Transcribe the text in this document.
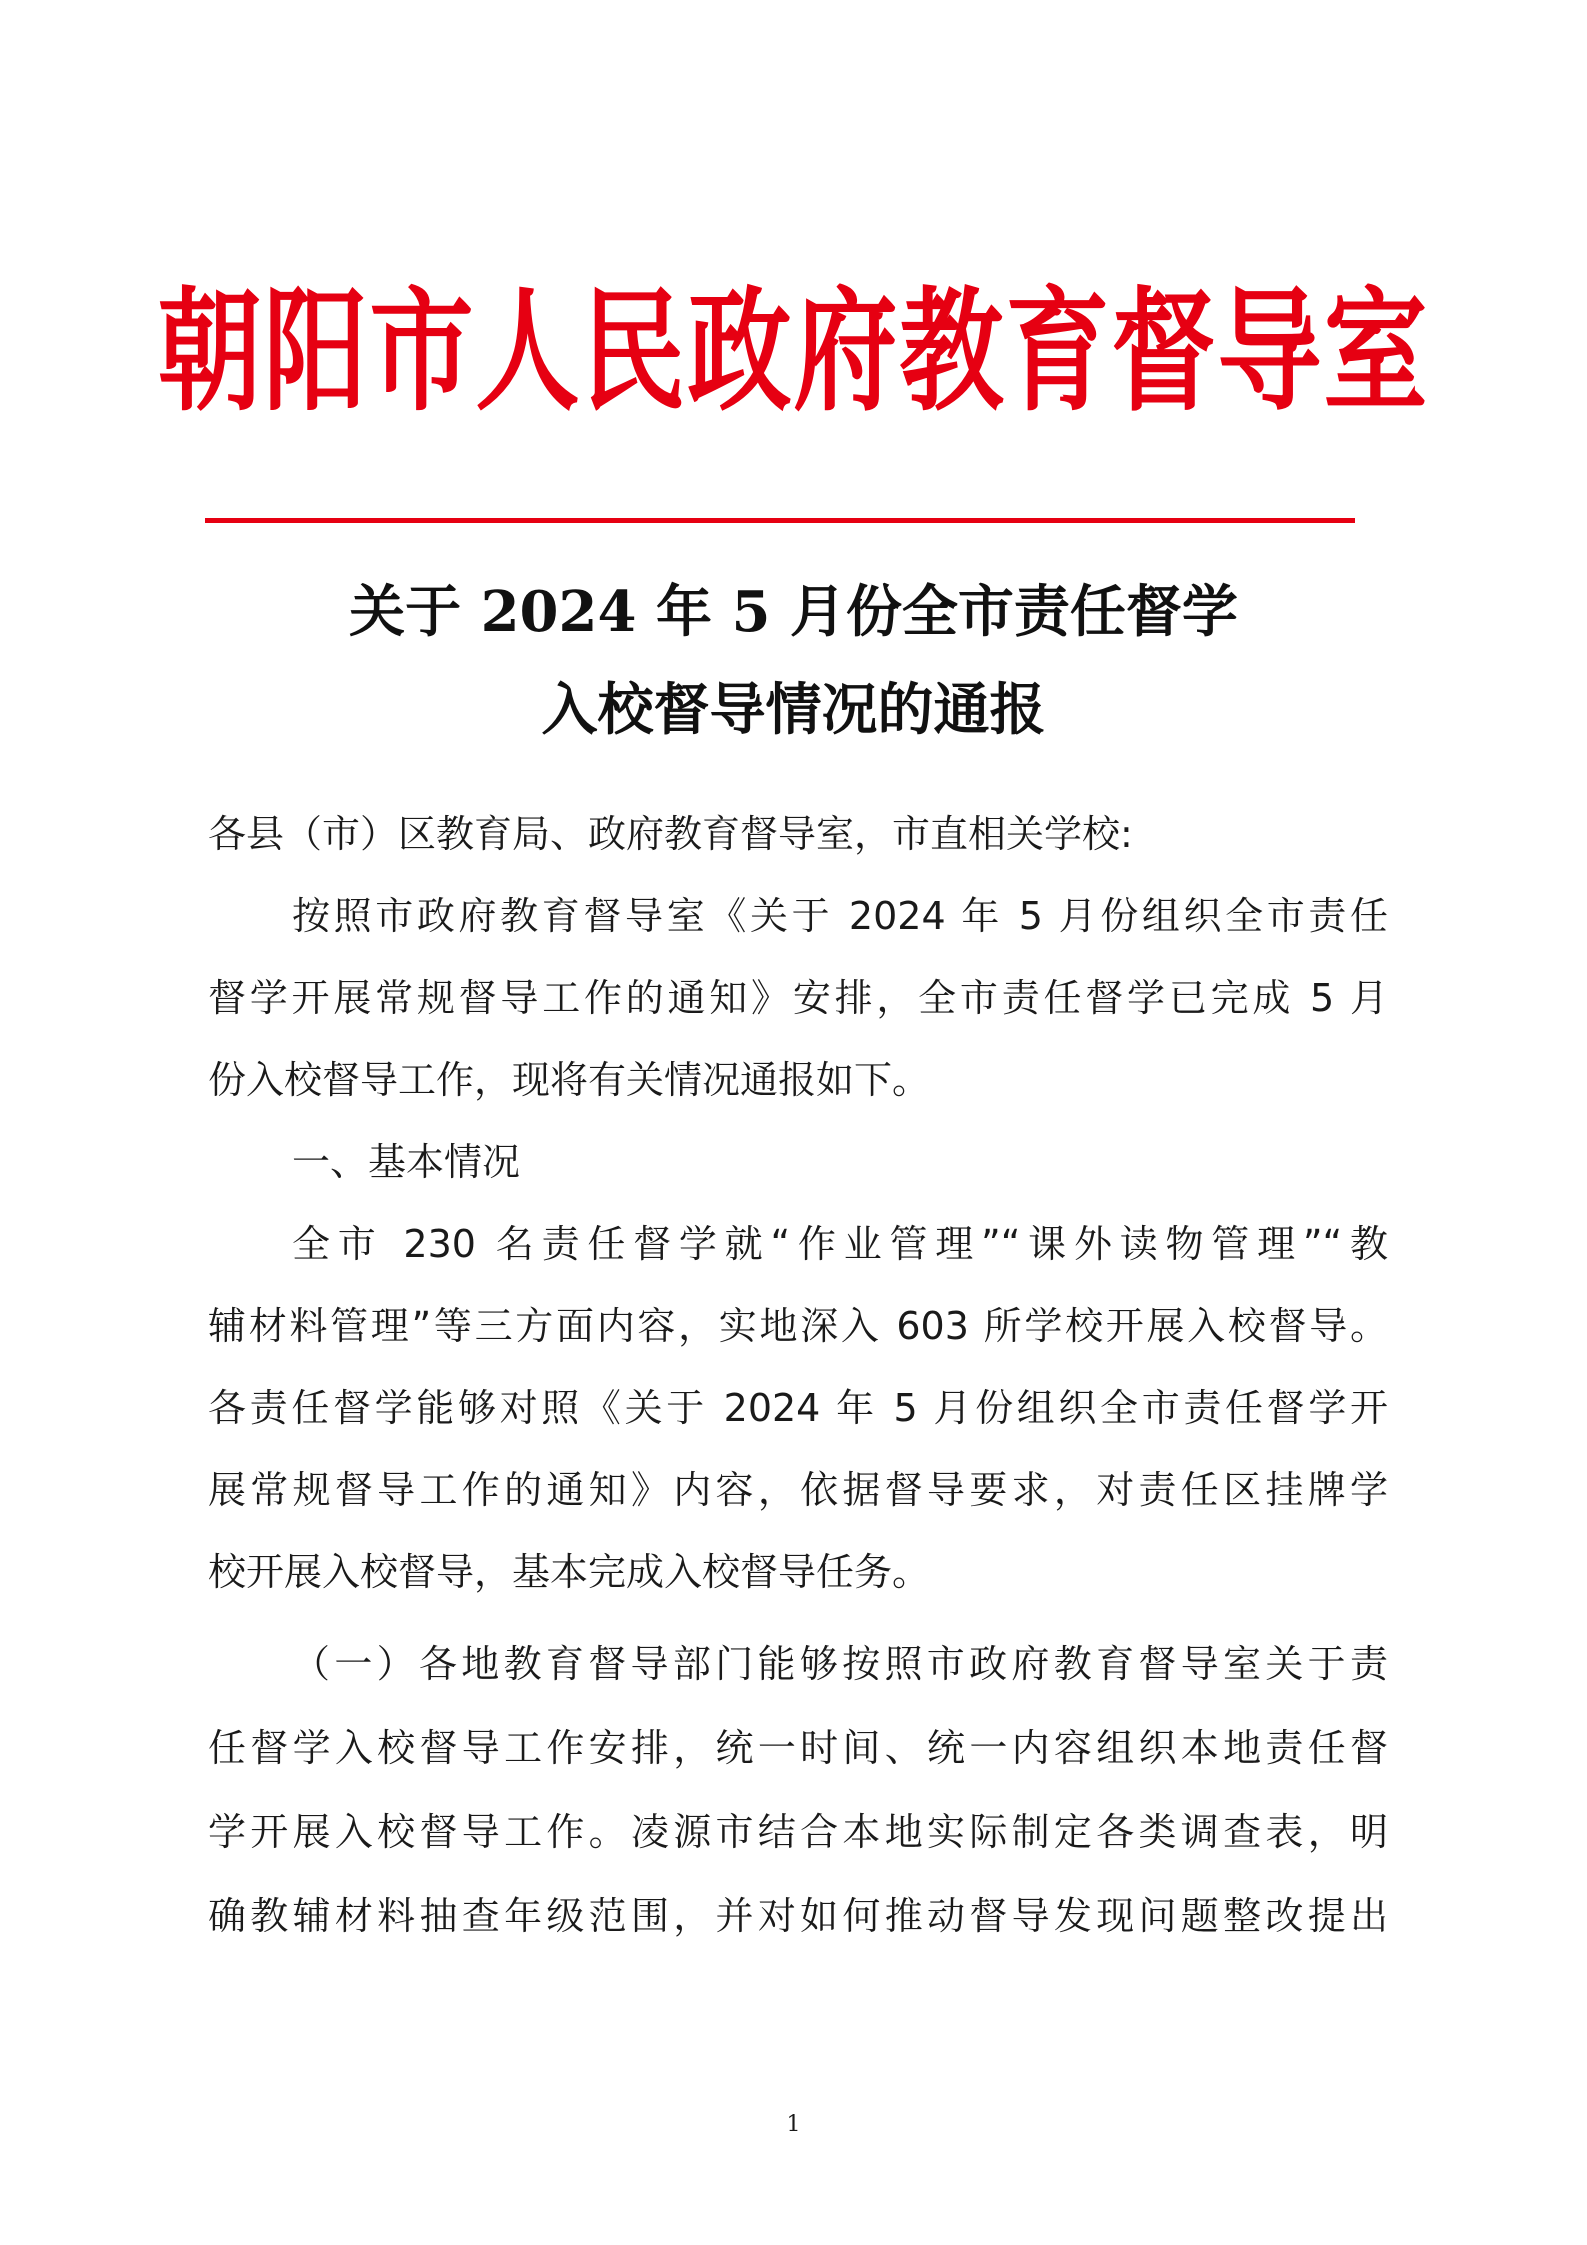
朝阳市人民政府教育督导室
关于 2024 年 5 月份全市责任督学
入校督导情况的通报
各县（市）区教育局、政府教育督导室，市直相关学校:
按照市政府教育督导室《关于 2024 年 5 月份组织全市责任
督学开展常规督导工作的通知》安排，全市责任督学已完成 5 月
份入校督导工作，现将有关情况通报如下。
一、基本情况
全市 230 名责任督学就“作业管理”“课外读物管理”“教
辅材料管理”等三方面内容，实地深入 603 所学校开展入校督导。
各责任督学能够对照《关于 2024 年 5 月份组织全市责任督学开
展常规督导工作的通知》内容，依据督导要求，对责任区挂牌学
校开展入校督导，基本完成入校督导任务。
（一）各地教育督导部门能够按照市政府教育督导室关于责
任督学入校督导工作安排，统一时间、统一内容组织本地责任督
学开展入校督导工作。凌源市结合本地实际制定各类调查表，明
确教辅材料抽查年级范围，并对如何推动督导发现问题整改提出
1
